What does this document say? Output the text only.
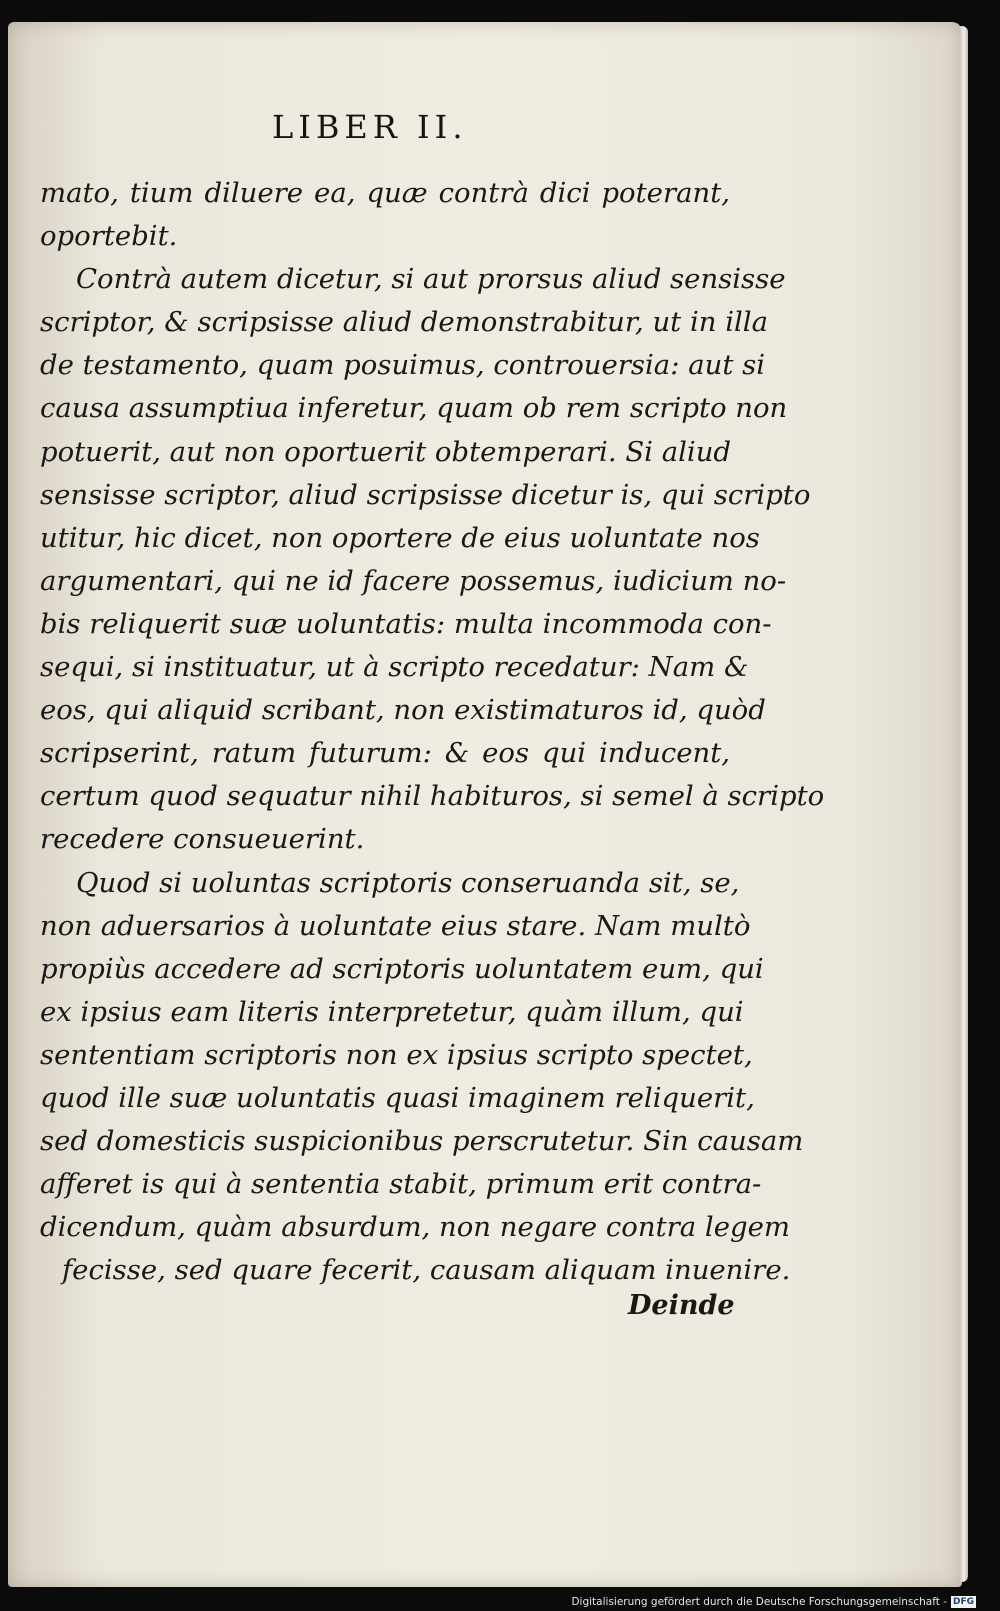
LIBER II.
mato, tium diluere ea, quæ contrà dici poterant,
oportebit.
Contrà autem dicetur, si aut prorsus aliud sensisse
scriptor, & scripsisse aliud demonstrabitur, ut in illa
de testamento, quam posuimus, controuersia: aut si
causa assumptiua inferetur, quam ob rem scripto non
potuerit, aut non oportuerit obtemperari. Si aliud
sensisse scriptor, aliud scripsisse dicetur is, qui scripto
utitur, hic dicet, non oportere de eius uoluntate nos
argumentari, qui ne id facere possemus, iudicium no-
bis reliquerit suæ uoluntatis: multa incommoda con-
sequi, si instituatur, ut à scripto recedatur: Nam &
eos, qui aliquid scribant, non existimaturos id, quòd
scripserint, ratum futurum: & eos qui inducent,
certum quod sequatur nihil habituros, si semel à scripto
recedere consueuerint.
Quod si uoluntas scriptoris conseruanda sit, se,
non aduersarios à uoluntate eius stare. Nam multò
propiùs accedere ad scriptoris uoluntatem eum, qui
ex ipsius eam literis interpretetur, quàm illum, qui
sententiam scriptoris non ex ipsius scripto spectet,
quod ille suæ uoluntatis quasi imaginem reliquerit,
sed domesticis suspicionibus perscrutetur. Sin causam
afferet is qui à sententia stabit, primum erit contra-
dicendum, quàm absurdum, non negare contra legem
fecisse, sed quare fecerit, causam aliquam inuenire.
Deinde
Digitalisierung gefördert durch die Deutsche Forschungsgemeinschaft - DFG
